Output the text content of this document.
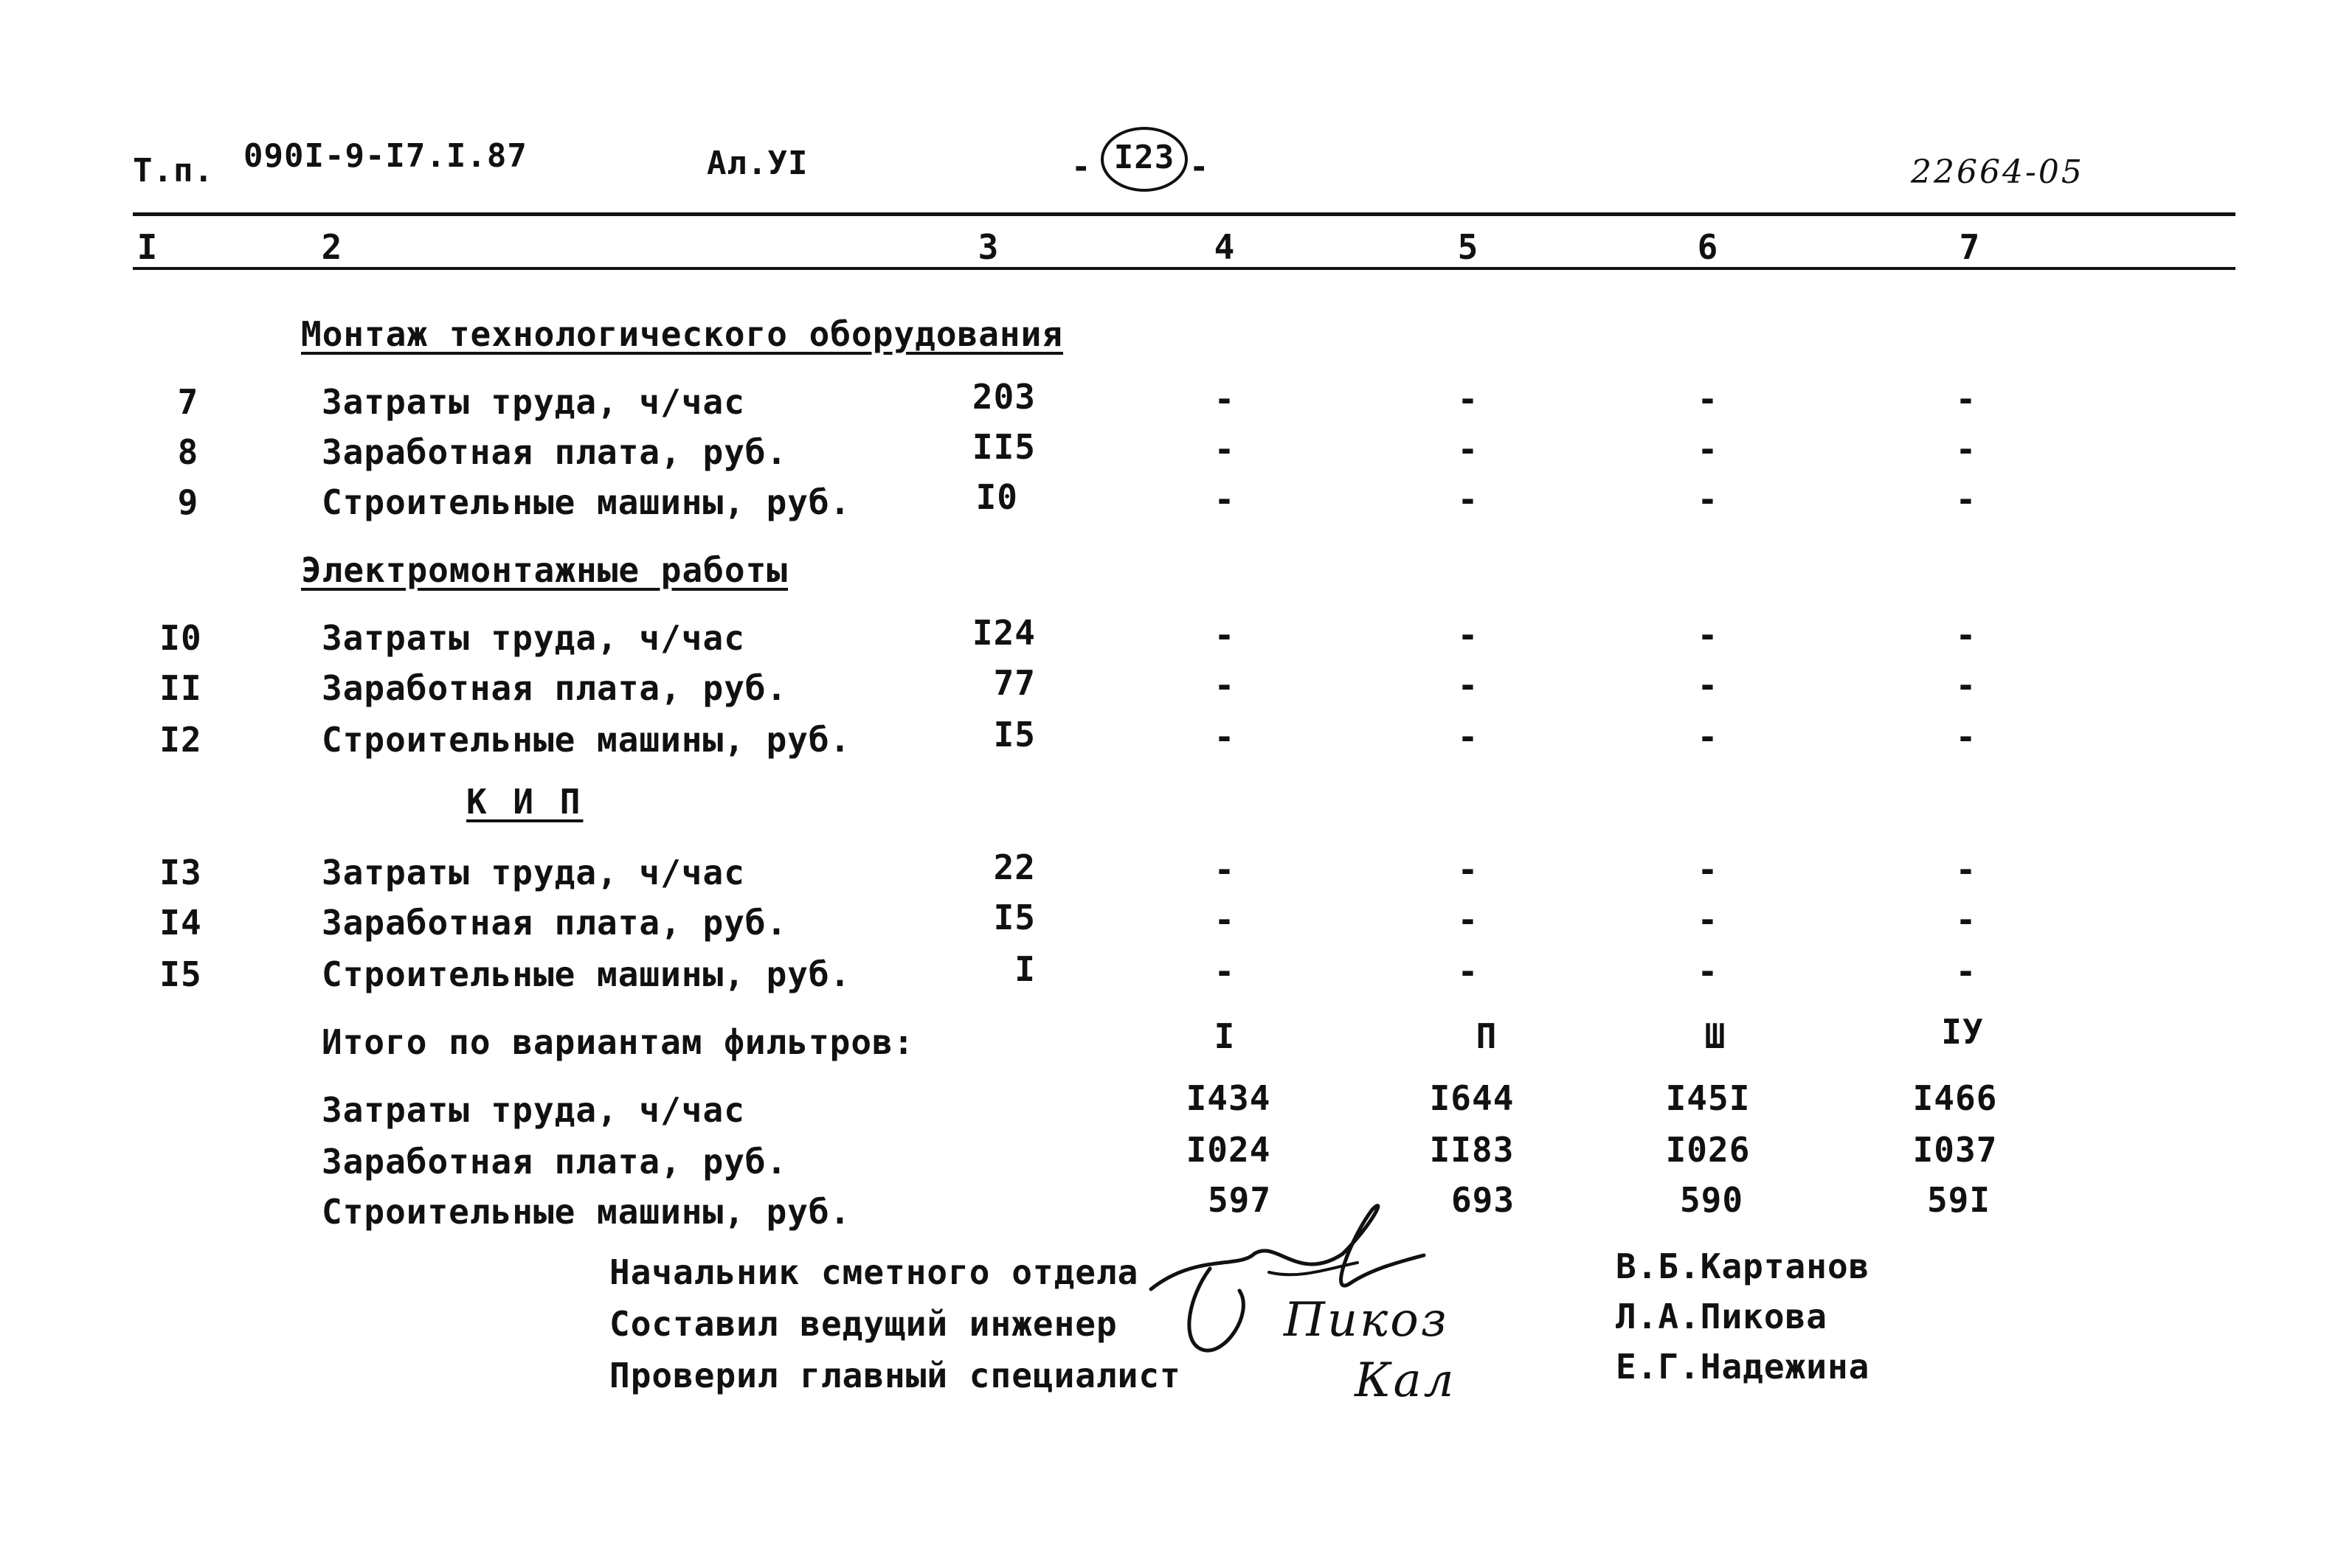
Т.п. 090I-9-I7.I.87	Ал.УI	- I23 -	22664-05
I	2	3	4	5	6	7
Монтаж технологического оборудования
7	Затраты труда, ч/час	203	-	-	-	-
8	Заработная плата, руб.	II5	-	-	-	-
9	Строительные машины, руб.	I0	-	-	-	-
Электромонтажные работы
I0	Затраты труда, ч/час	I24	-	-	-	-
II	Заработная плата, руб.	77	-	-	-	-
I2	Строительные машины, руб.	I5	-	-	-	-
К И П
I3	Затраты труда, ч/час	22	-	-	-	-
I4	Заработная плата, руб.	I5	-	-	-	-
I5	Строительные машины, руб.	I	-	-	-	-
Итого по вариантам фильтров:	I	П	Ш	IУ
Затраты труда, ч/час	I434	I644	I45I	I466
Заработная плата, руб.	I024	II83	I026	I037
Строительные машины, руб.	597	693	590	59I
Начальник сметного отдела	В.Б.Картанов
Составил ведущий инженер	Л.А.Пикова
Проверил главный специалист	Е.Г.Надежина
Пикоз
Кал
